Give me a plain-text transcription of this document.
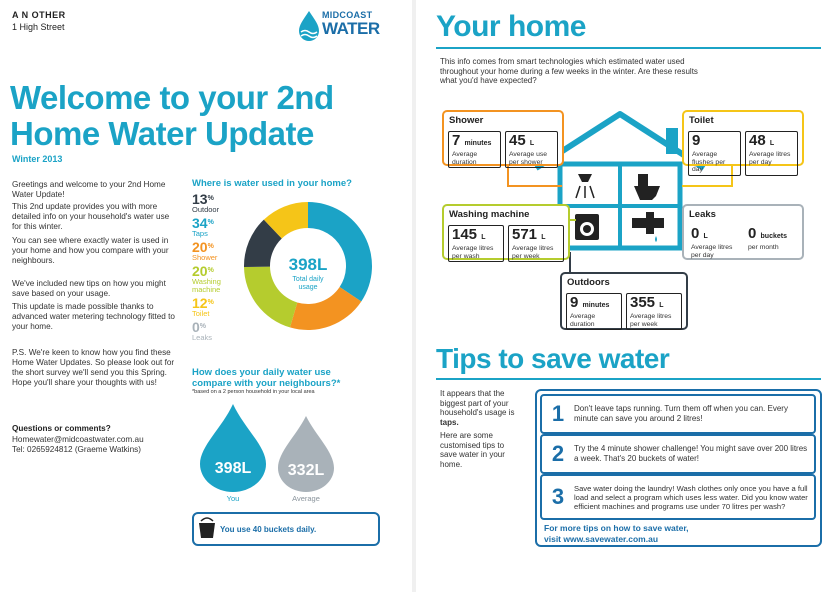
A N OTHER
1 High Street
MIDCOAST
WATER
Welcome to your 2nd
Home Water Update
Winter 2013
Greetings and welcome to your 2nd Home Water Update!
This 2nd update provides you with more detailed info on your household's water use for this winter.
You can see where exactly water is used in your home and how you compare with your neighbours.
We've included new tips on how you might save based on your usage.
This update is made possible thanks to advanced water metering technology fitted to your home.
P.S. We're keen to know how you find these Home Water Updates. So please look out for the short survey we'll send you this Spring. Hope you'll share your thoughts with us!
Questions or comments?
Homewater@midcoastwater.com.au
Tel: 0265924812 (Graeme Watkins)
Where is water used in your home?
13%
Outdoor
34%
Taps
20%
Shower
20%
Washing machine
12%
Toilet
0%
Leaks
398L
Total daily
usage
How does your daily water use
compare with your neighbours?*
*based on a 2 person household in your local area
398L
You
332L
Average
You use 40 buckets daily.
Your home
This info comes from smart technologies which estimated water used throughout your home during a few weeks in the winter. Are these results what you'd have expected?
Shower
7 minutes
Average duration
45 L
Average use per shower
Toilet
9
Average flushes per day
48 L
Average litres per day
Washing machine
145 L
Average litres per wash
571 L
Average litres per week
Leaks
0 L
Average litres per day
0 buckets
per month
Outdoors
9 minutes
Average duration
355 L
Average litres per week
Tips to save water
It appears that the biggest part of your household's usage is taps.
Here are some customised tips to save water in your home.
1	Don't leave taps running. Turn them off when you can. Every minute can save you around 2 litres!
2	Try the 4 minute shower challenge! You might save over 200 litres a week. That's 20 buckets of water!
3	Save water doing the laundry! Wash clothes only once you have a full load and select a program which uses less water. Did you know water efficient machines and programs use under 70 litres per wash?
For more tips on how to save water,
visit www.savewater.com.au
